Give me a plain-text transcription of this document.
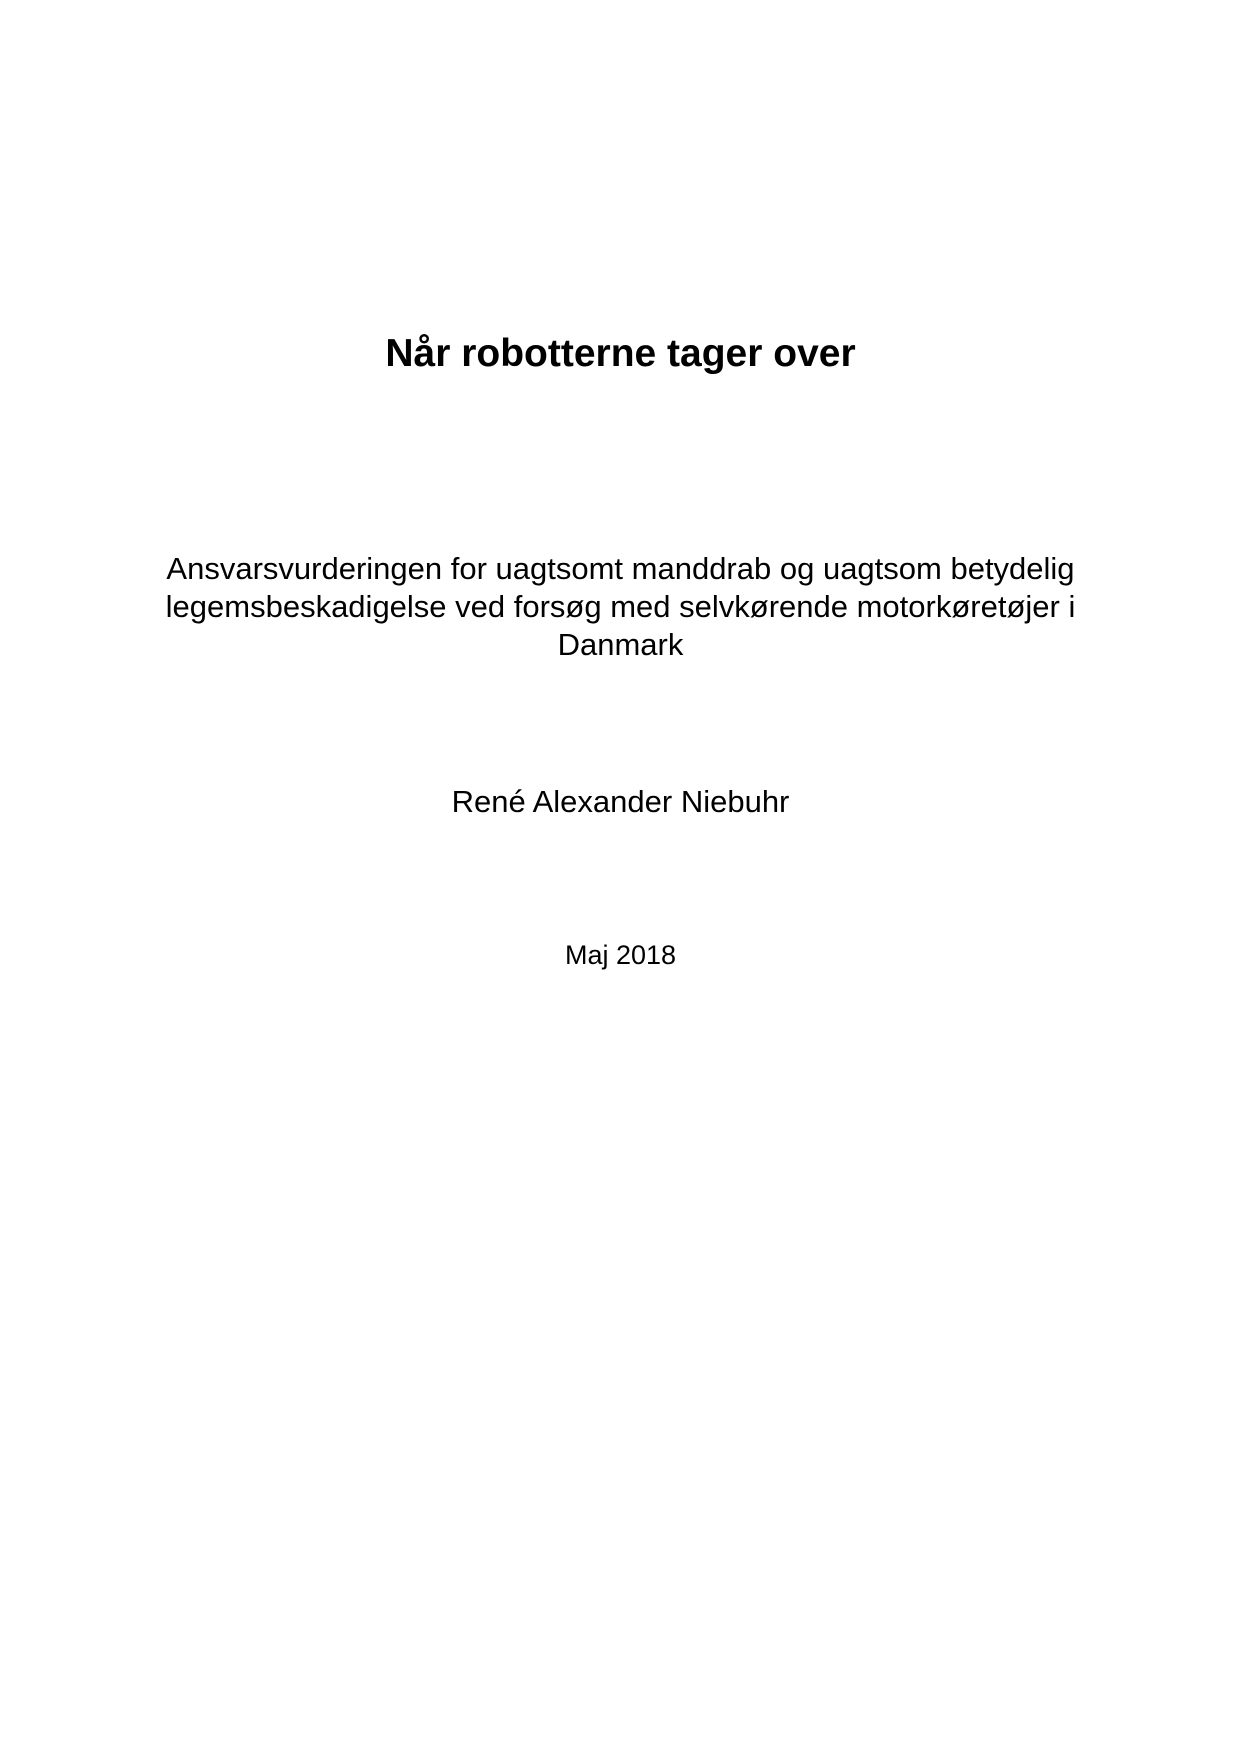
Når robotterne tager over
Ansvarsvurderingen for uagtsomt manddrab og uagtsom betydelig legemsbeskadigelse ved forsøg med selvkørende motorkøretøjer i Danmark
René Alexander Niebuhr
Maj 2018
